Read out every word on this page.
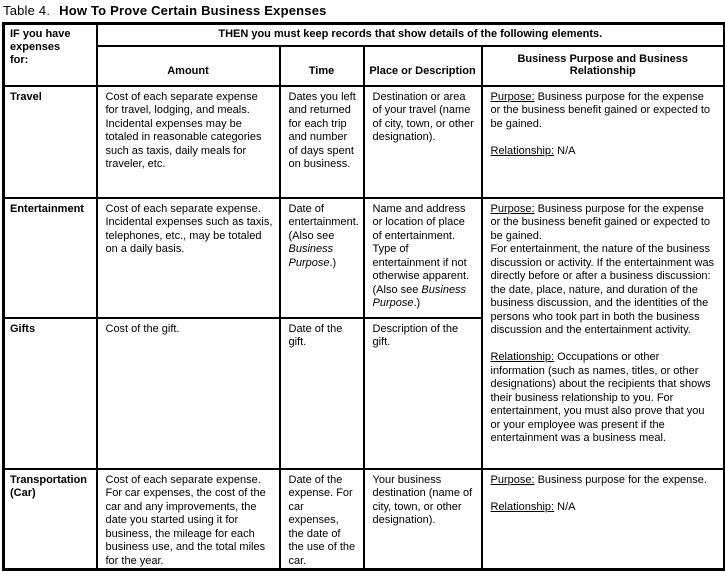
Table 4. How To Prove Certain Business Expenses
IF you have
expenses
for:	THEN you must keep records that show details of the following elements.			
	Amount	Time	Place or Description	Business Purpose and Business Relationship
Travel	Cost of each separate expense for travel, lodging, and meals. Incidental expenses may be totaled in reasonable categories such as taxis, daily meals for traveler, etc.	Dates you left and returned for each trip and number of days spent on business.	Destination or area of your travel (name of city, town, or other designation).	Purpose: Business purpose for the expense or the business benefit gained or expected to be gained.
Relationship: N/A

Entertainment	Cost of each separate expense. Incidental expenses such as taxis, telephones, etc., may be totaled on a daily basis.	Date of entertainment. (Also see Business Purpose.)	Name and address or location of place of entertainment. Type of entertainment if not otherwise apparent. (Also see Business Purpose.)	Purpose: Business purpose for the expense or the business benefit gained or expected to be gained.
For entertainment, the nature of the business discussion or activity. If the entertainment was directly before or after a business discussion: the date, place, nature, and duration of the business discussion, and the identities of the persons who took part in both the business discussion and the entertainment activity.
Relationship: Occupations or other information (such as names, titles, or other designations) about the recipients that shows their business relationship to you. For entertainment, you must also prove that you or your employee was present if the entertainment was a business meal.

Gifts	Cost of the gift.	Date of the gift.	Description of the gift.	

Transportation
(Car)
	Cost of each separate expense. For car expenses, the cost of the car and any improvements, the date you started using it for business, the mileage for each business use, and the total miles for the year.	Date of the expense. For car expenses, the date of the use of the car.	Your business destination (name of city, town, or other designation).	
Purpose: Business purpose for the expense.
Relationship: N/A
